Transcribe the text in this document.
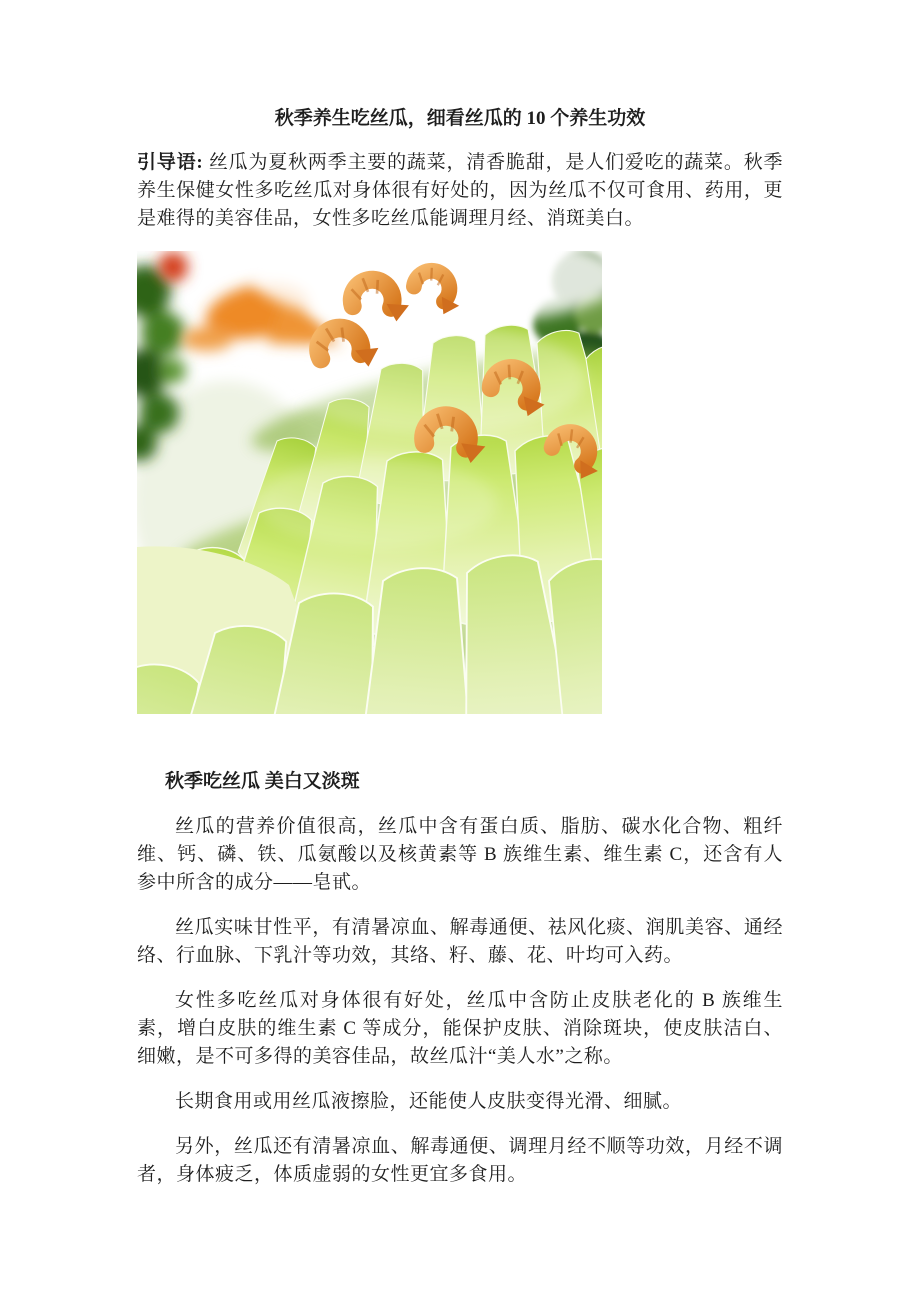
秋季养生吃丝瓜，细看丝瓜的 10 个养生功效

引导语: 丝瓜为夏秋两季主要的蔬菜，清香脆甜，是人们爱吃的蔬菜。秋季养生保健女性多吃丝瓜对身体很有好处的，因为丝瓜不仅可食用、药用，更是难得的美容佳品，女性多吃丝瓜能调理月经、消斑美白。

秋季吃丝瓜 美白又淡斑

丝瓜的营养价值很高，丝瓜中含有蛋白质、脂肪、碳水化合物、粗纤维、钙、磷、铁、瓜氨酸以及核黄素等 B 族维生素、维生素 C，还含有人参中所含的成分——皂甙。

丝瓜实味甘性平，有清暑凉血、解毒通便、祛风化痰、润肌美容、通经络、行血脉、下乳汁等功效，其络、籽、藤、花、叶均可入药。

女性多吃丝瓜对身体很有好处，丝瓜中含防止皮肤老化的 B 族维生素，增白皮肤的维生素 C 等成分，能保护皮肤、消除斑块，使皮肤洁白、细嫩，是不可多得的美容佳品，故丝瓜汁“美人水”之称。

长期食用或用丝瓜液擦脸，还能使人皮肤变得光滑、细腻。

另外，丝瓜还有清暑凉血、解毒通便、调理月经不顺等功效，月经不调者，身体疲乏，体质虚弱的女性更宜多食用。
